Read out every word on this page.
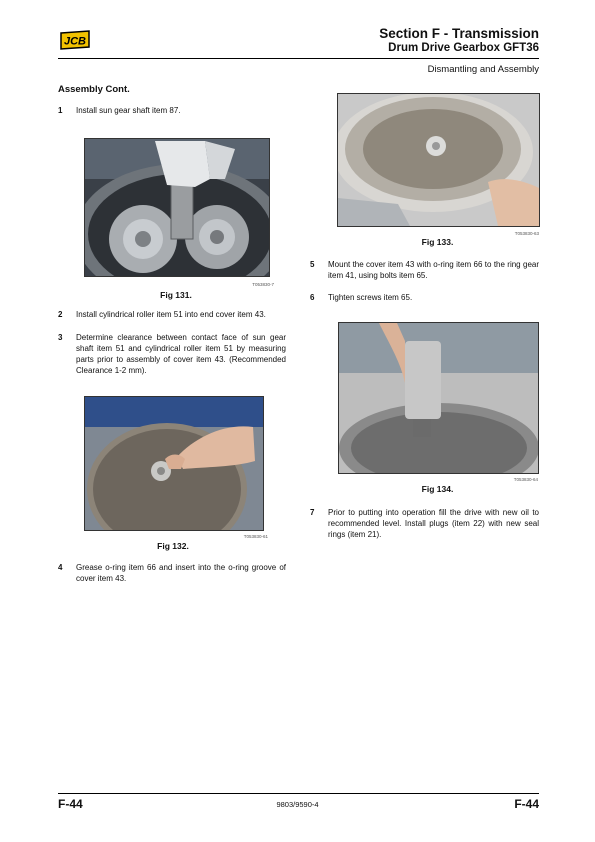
JCB
Section F - Transmission
Drum Drive Gearbox GFT36
Dismantling and Assembly
Assembly Cont.
1 Install sun gear shaft item 87.
T053830-7
Fig 131.
2 Install cylindrical roller item 51 into end cover item 43.
3 Determine clearance between contact face of sun gear shaft item 51 and cylindrical roller item 51 by measuring parts prior to assembly of cover item 43. (Recommended Clearance 1-2 mm).
T053830-61
Fig 132.
4 Grease o-ring item 66 and insert into the o-ring groove of cover item 43.
T053830-63
Fig 133.
5 Mount the cover item 43 with o-ring item 66 to the ring gear item 41, using bolts item 65.
6 Tighten screws item 65.
T053830-64
Fig 134.
7 Prior to putting into operation fill the drive with new oil to recommended level. Install plugs (item 22) with new seal rings (item 21).
F-44	9803/9590-4	F-44
